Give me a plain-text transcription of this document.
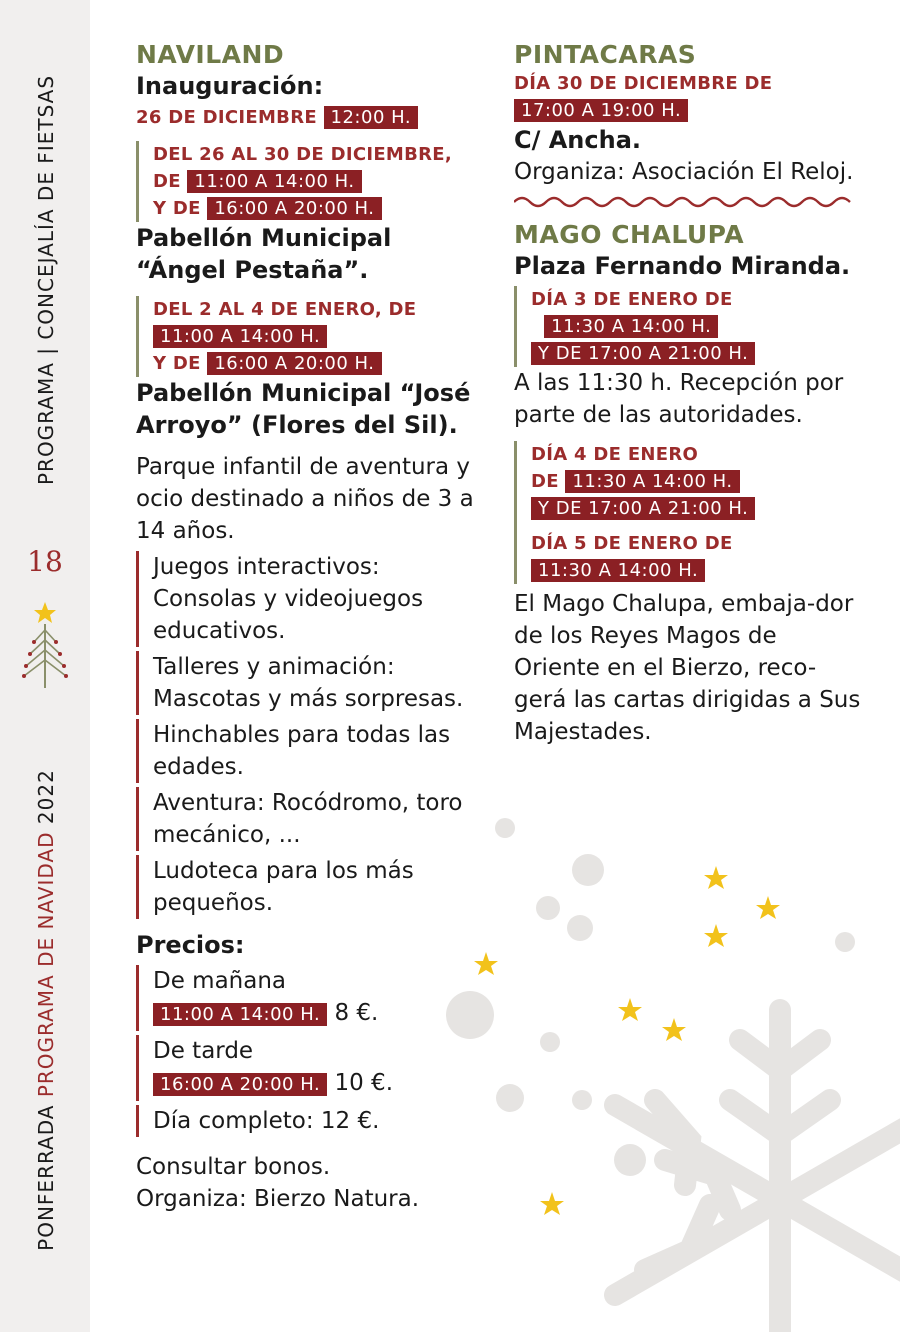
PROGRAMA | CONCEJALÍA DE FIETSAS
18
PONFERRADA PROGRAMA DE NAVIDAD 2022

NAVILAND

Inauguración:

26 DE DICIEMBRE 12:00 H.
DEL 26 AL 30 DE DICIEMBRE,
DE 11:00 A 14:00 H.
Y DE 16:00 A 20:00 H.

Pabellón Municipal “Ángel Pestaña”.

DEL 2 AL 4 DE ENERO, DE
11:00 A 14:00 H.
Y DE 16:00 A 20:00 H.

Pabellón Municipal “José Arroyo” (Flores del Sil).

Parque infantil de aventura y ocio destinado a niños de 3 a 14 años.

Juegos interactivos: Consolas y videojuegos educativos.
Talleres y animación: Mascotas y más sorpresas.
Hinchables para todas las edades.
Aventura: Rocódromo, toro mecánico, ...
Ludoteca para los más pequeños.

Precios:

De mañana
11:00 A 14:00 H. 8 €.
De tarde
16:00 A 20:00 H. 10 €.
Día completo: 12 €.

Consultar bonos.

Organiza: Bierzo Natura.

PINTACARAS

DÍA 30 DE DICIEMBRE DE
17:00 A 19:00 H.

C/ Ancha.

Organiza: Asociación El Reloj.

MAGO CHALUPA

Plaza Fernando Miranda.

DÍA 3 DE ENERO DE
11:30 A 14:00 H.
Y DE 17:00 A 21:00 H.

A las 11:30 h. Recepción por parte de las autoridades.

DÍA 4 DE ENERO
DE 11:30 A 14:00 H.
Y DE 17:00 A 21:00 H.
DÍA 5 DE ENERO DE
11:30 A 14:00 H.

El Mago Chalupa, embaja-dor de los Reyes Magos de Oriente en el Bierzo, reco-gerá las cartas dirigidas a Sus Majestades.
